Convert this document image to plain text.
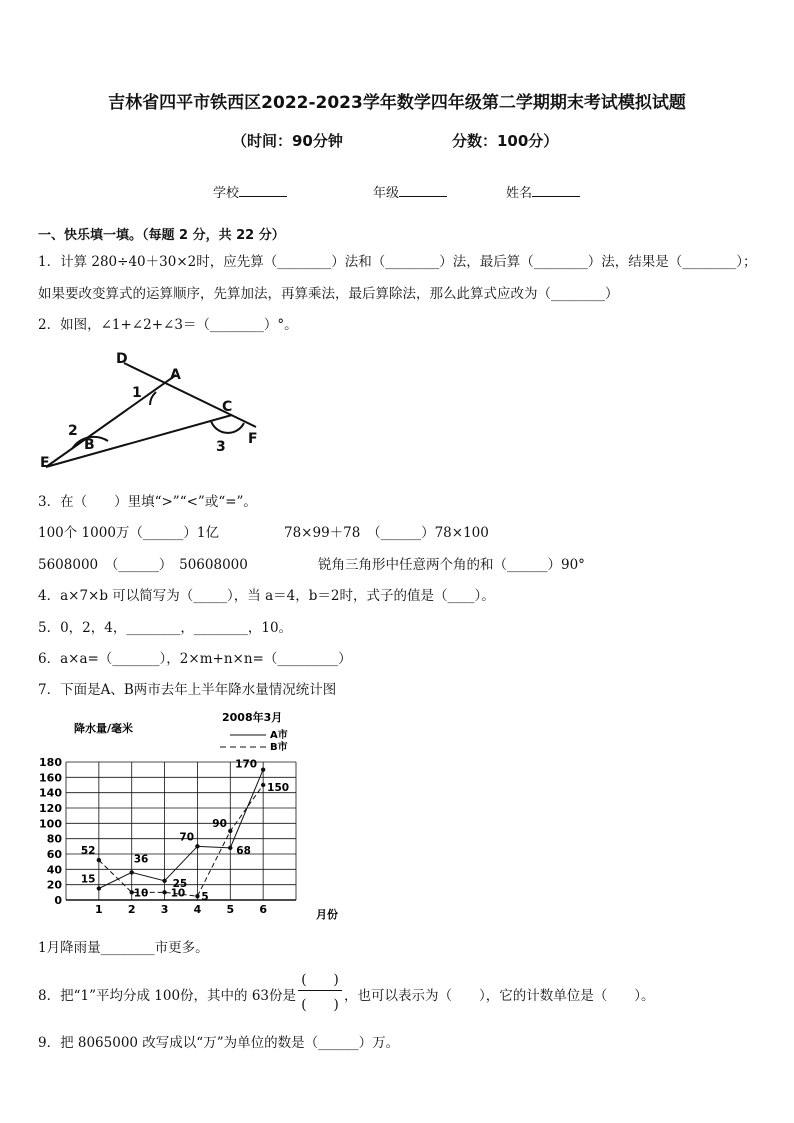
吉林省四平市铁西区2022-2023学年数学四年级第二学期期末考试模拟试题
（时间：90分钟	分数：100分）
学校	年级	姓名
一、快乐填一填。（每题 2 分，共 22 分）
1．计算 280÷40＋30×2时，应先算（________）法和（________）法，最后算（________）法，结果是（________）；
如果要改变算式的运算顺序，先算加法，再算乘法，最后算除法，那么此算式应改为（________）
2．如图，∠1+∠2+∠3＝（________）°。
D
A
C
F
B
E
1
2
3
3．在（　　）里填“>”“<”或“=”。
100个 1000万（______）1亿	78×99＋78　（______）78×100
5608000　（______）　50608000	锐角三角形中任意两个角的和（______）90°
4．a×7×b 可以简写为（_____），当 a＝4，b＝2时，式子的值是（____）。
5．0，2，4，________，________，10。
6．a×a=（_______），2×m+n×n=（_________）
7．下面是A、B两市去年上半年降水量情况统计图
降水量/毫米
2008年3月
A市
B市
月份
0
20
40
60
80
100
120
140
160
180
1 2 3 4 5 6
15
36
25
70
68
170
52
10 10 5
90
150
1月降雨量________市更多。
8．把“1”平均分成 100份，其中的 63份是
(　　)
(　　)
，也可以表示为（　　），它的计数单位是（　　）。
9．把 8065000 改写成以“万”为单位的数是（______）万。
